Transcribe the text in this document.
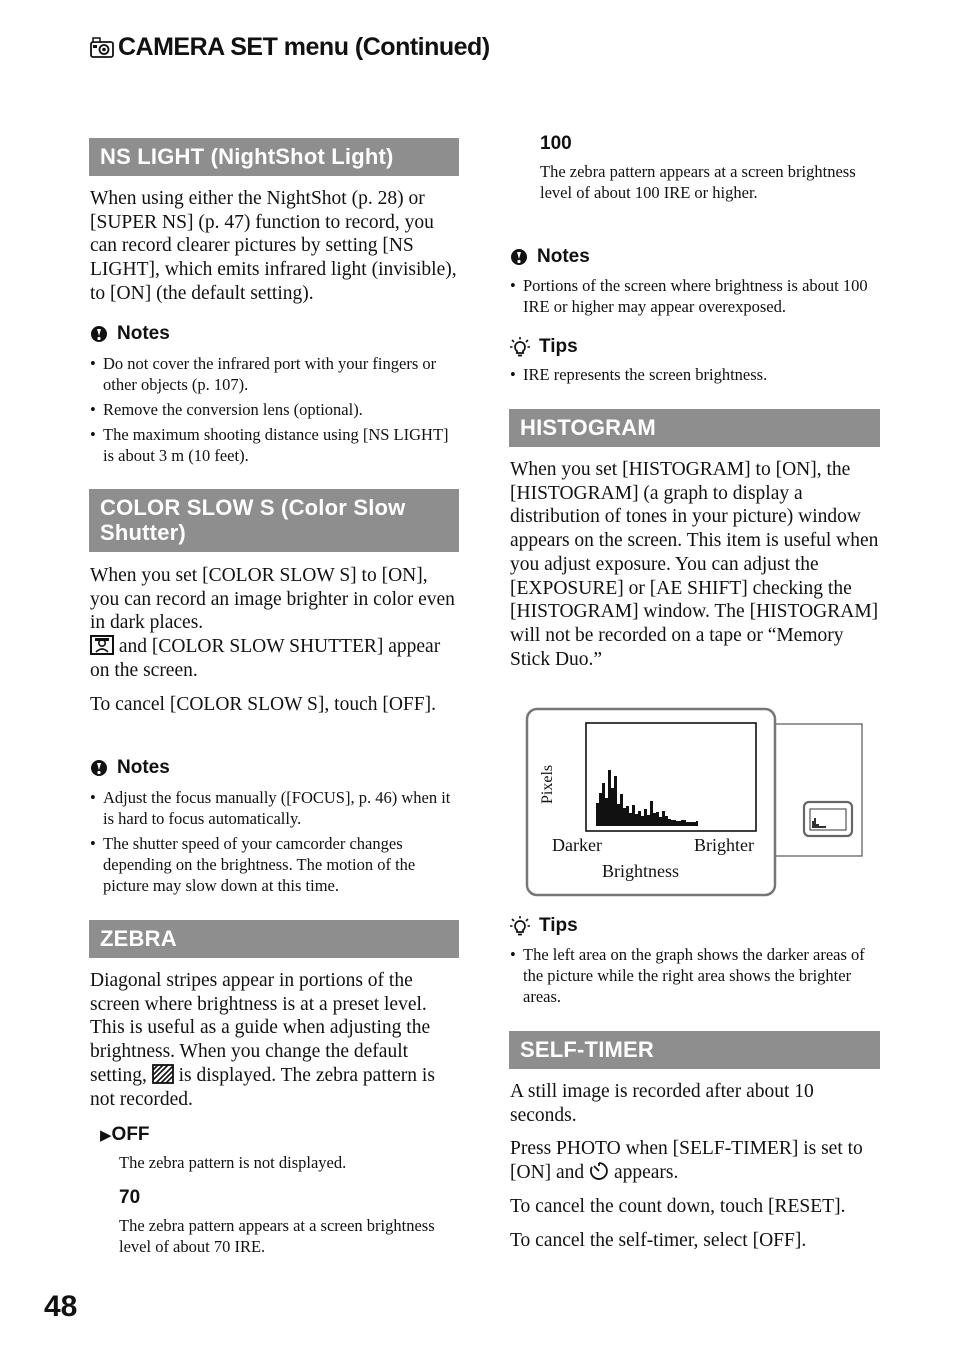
CAMERA SET menu (Continued)
NS LIGHT (NightShot Light)
When using either the NightShot (p. 28) or [SUPER NS] (p. 47) function to record, you can record clearer pictures by setting [NS LIGHT], which emits infrared light (invisible), to [ON] (the default setting).
Notes
• Do not cover the infrared port with your fingers or other objects (p. 107).
• Remove the conversion lens (optional).
• The maximum shooting distance using [NS LIGHT] is about 3 m (10 feet).
COLOR SLOW S (Color Slow
Shutter)
When you set [COLOR SLOW S] to [ON], you can record an image brighter in color even in dark places.
and [COLOR SLOW SHUTTER] appear on the screen.
To cancel [COLOR SLOW S], touch [OFF].
Notes
• Adjust the focus manually ([FOCUS], p. 46) when it is hard to focus automatically.
• The shutter speed of your camcorder changes depending on the brightness. The motion of the picture may slow down at this time.
ZEBRA
Diagonal stripes appear in portions of the screen where brightness is at a preset level. This is useful as a guide when adjusting the brightness. When you change the default setting, is displayed. The zebra pattern is not recorded.
▶OFF
The zebra pattern is not displayed.
70
The zebra pattern appears at a screen brightness level of about 70 IRE.
100
The zebra pattern appears at a screen brightness level of about 100 IRE or higher.
Notes
• Portions of the screen where brightness is about 100 IRE or higher may appear overexposed.
Tips
• IRE represents the screen brightness.
HISTOGRAM
When you set [HISTOGRAM] to [ON], the [HISTOGRAM] (a graph to display a distribution of tones in your picture) window appears on the screen. This item is useful when you adjust exposure. You can adjust the [EXPOSURE] or [AE SHIFT] checking the [HISTOGRAM] window. The [HISTOGRAM] will not be recorded on a tape or “Memory Stick Duo.”
Pixels
Darker	Brighter
Brightness
Tips
• The left area on the graph shows the darker areas of the picture while the right area shows the brighter areas.
SELF-TIMER
A still image is recorded after about 10 seconds.
Press PHOTO when [SELF-TIMER] is set to [ON] and appears.
To cancel the count down, touch [RESET].
To cancel the self-timer, select [OFF].
48
